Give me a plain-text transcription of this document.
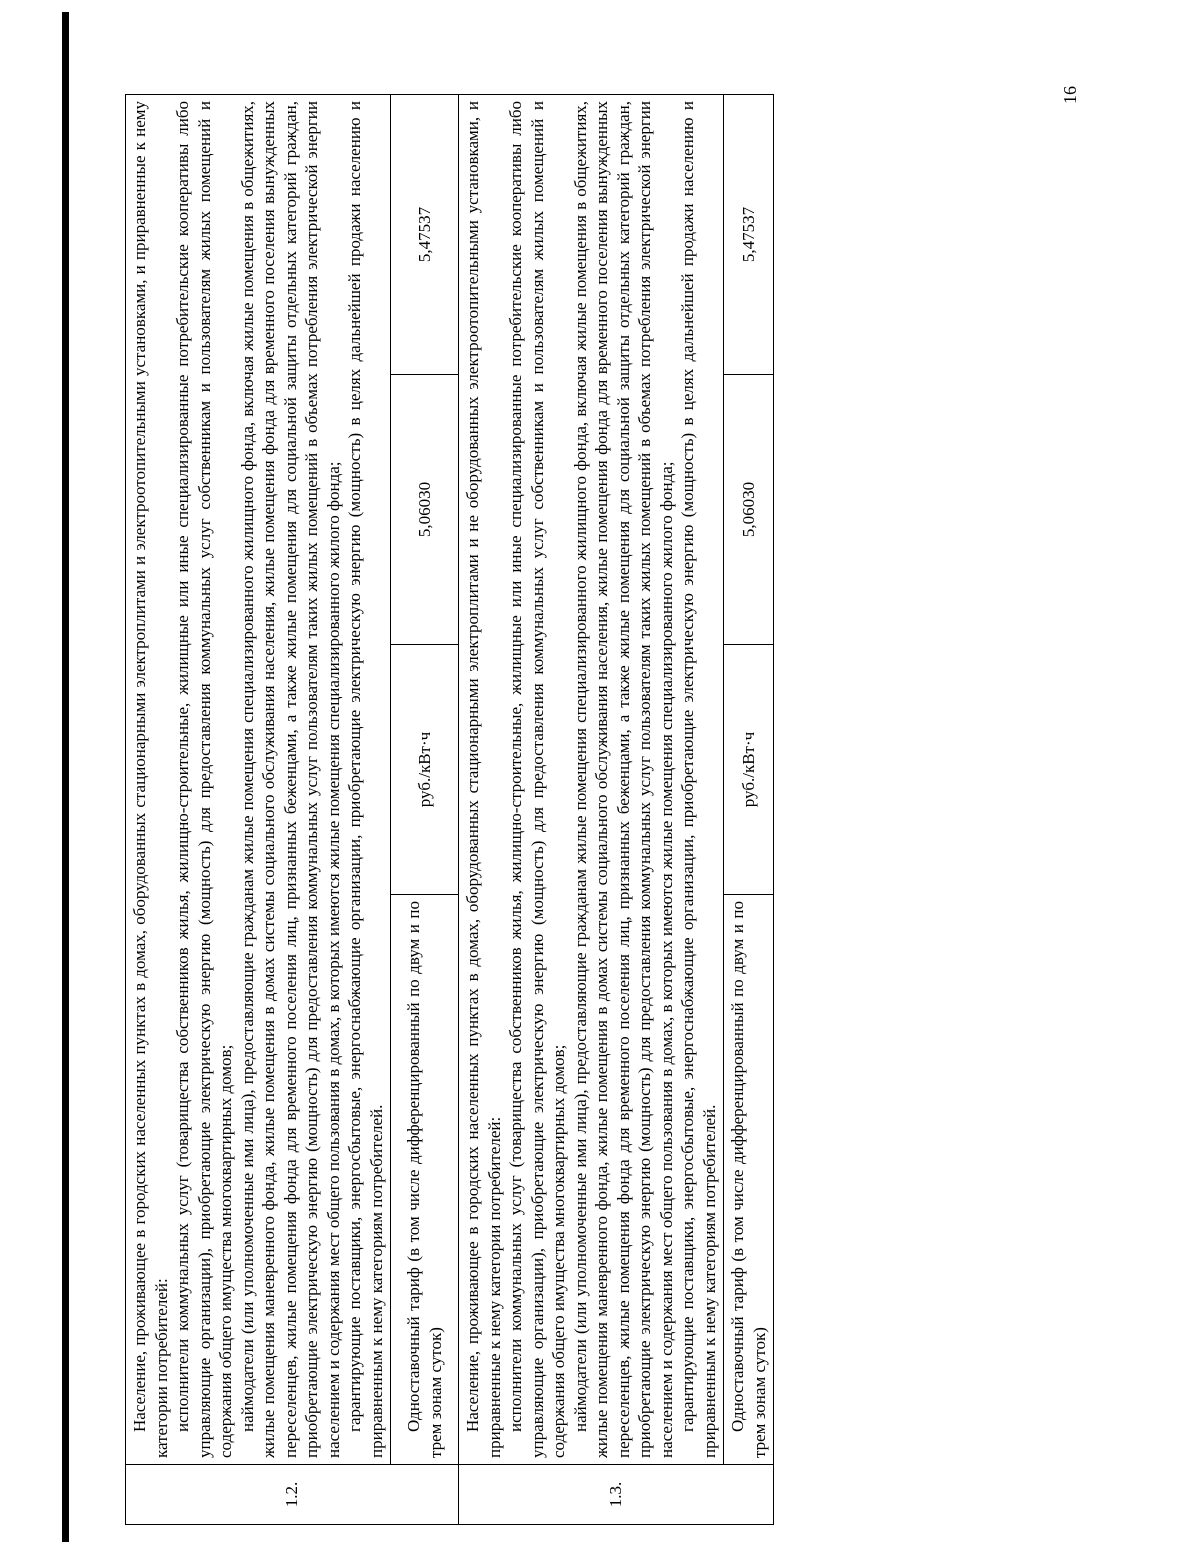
16
1.2.	Население, проживающее в городских населенных пунктах в домах, оборудованных стационарными электроплитами и электроотопительными установками, и приравненные к нему категории потребителей: исполнители коммунальных услуг (товарищества собственников жилья, жилищно-строительные, жилищные или иные специализированные потребительские кооперативы либо управляющие организации), приобретающие электрическую энергию (мощность) для предоставления коммунальных услуг собственникам и пользователям жилых помещений и содержания общего имущества многоквартирных домов; наймодатели (или уполномоченные ими лица), предоставляющие гражданам жилые помещения специализированного жилищного фонда, включая жилые помещения в общежитиях, жилые помещения маневренного фонда, жилые помещения в домах системы социального обслуживания населения, жилые помещения фонда для временного поселения вынужденных переселенцев, жилые помещения фонда для временного поселения лиц, признанных беженцами, а также жилые помещения для социальной защиты отдельных категорий граждан, приобретающие электрическую энергию (мощность) для предоставления коммунальных услуг пользователям таких жилых помещений в объемах потребления электрической энергии населением и содержания мест общего пользования в домах, в которых имеются жилые помещения специализированного жилого фонда; гарантирующие поставщики, энергосбытовые, энергоснабжающие организации, приобретающие электрическую энергию (мощность) в целях дальнейшей продажи населению и приравненным к нему категориям потребителей.			

	Одноставочный тариф (в том числе дифференцированный по двум и по трем зонам суток)	руб./кВт·ч	5,06030	5,47537
1.3.	Население, проживающее в городских населенных пунктах в домах, оборудованных стационарными электроплитами и не оборудованных электроотопительными установками, и приравненные к нему категории потребителей: исполнители коммунальных услуг (товарищества собственников жилья, жилищно-строительные, жилищные или иные специализированные потребительские кооперативы либо управляющие организации), приобретающие электрическую энергию (мощность) для предоставления коммунальных услуг собственникам и пользователям жилых помещений и содержания общего имущества многоквартирных домов; наймодатели (или уполномоченные ими лица), предоставляющие гражданам жилые помещения специализированного жилищного фонда, включая жилые помещения в общежитиях, жилые помещения маневренного фонда, жилые помещения в домах системы социального обслуживания населения, жилые помещения фонда для временного поселения вынужденных переселенцев, жилые помещения фонда для временного поселения лиц, признанных беженцами, а также жилые помещения для социальной защиты отдельных категорий граждан, приобретающие электрическую энергию (мощность) для предоставления коммунальных услуг пользователям таких жилых помещений в объемах потребления электрической энергии населением и содержания мест общего пользования в домах, в которых имеются жилые помещения специализированного жилого фонда; гарантирующие поставщики, энергосбытовые, энергоснабжающие организации, приобретающие электрическую энергию (мощность) в целях дальнейшей продажи населению и приравненным к нему категориям потребителей.			

	Одноставочный тариф (в том числе дифференцированный по двум и по трем зонам суток)	руб./кВт·ч	5,06030	5,47537
